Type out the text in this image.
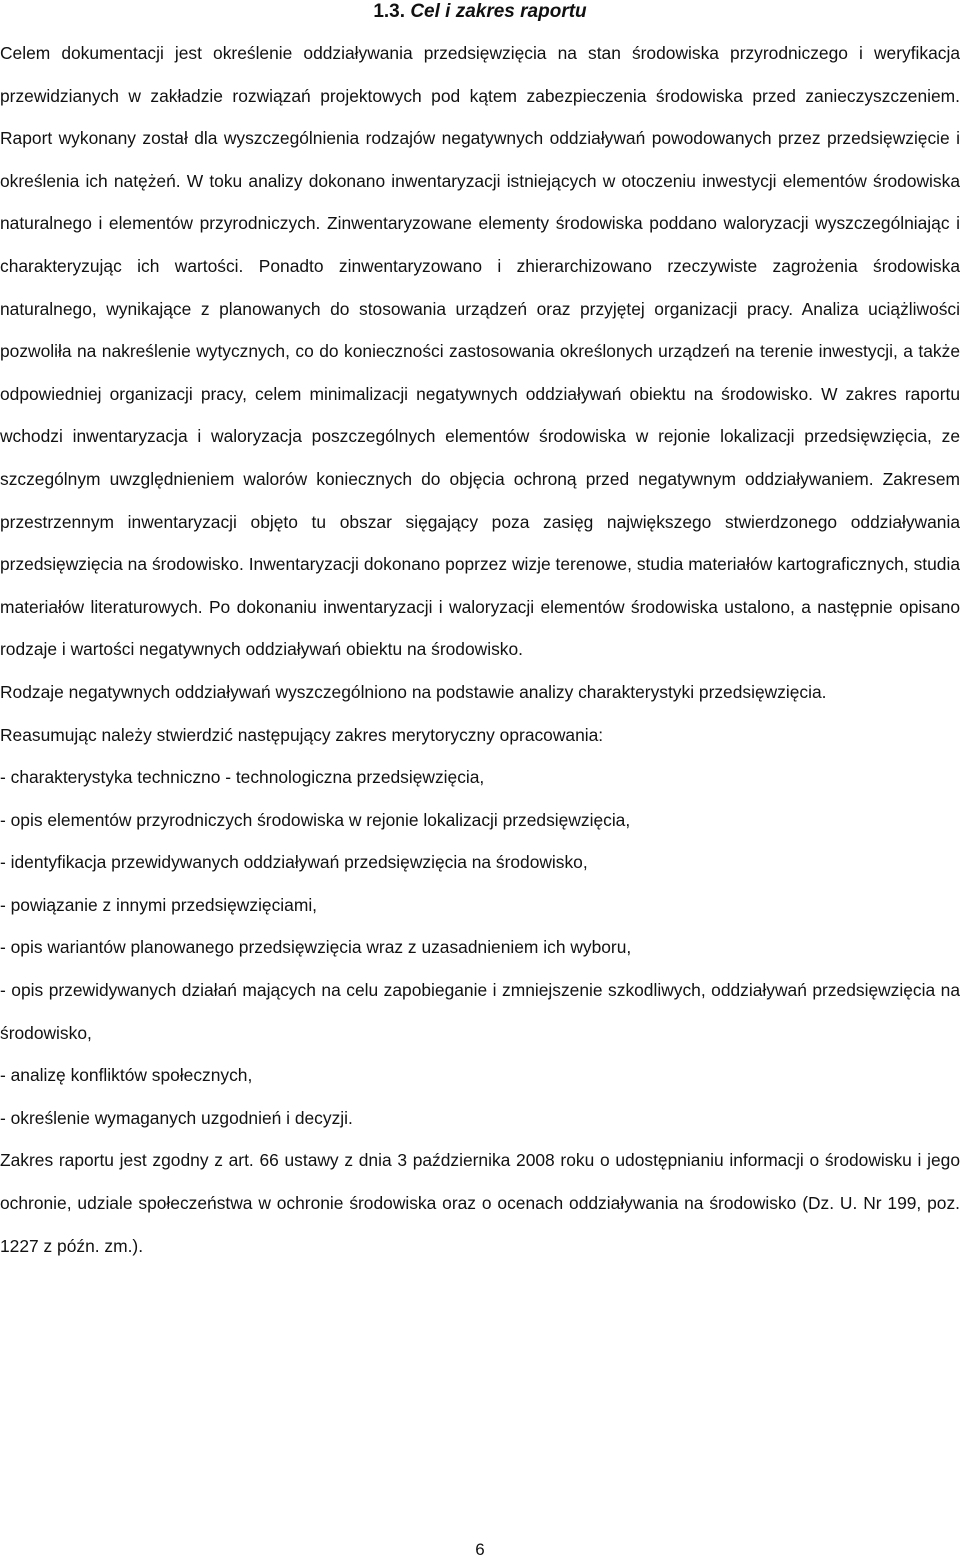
1.3. Cel i zakres raportu

Celem dokumentacji jest określenie oddziaływania przedsięwzięcia na stan środowiska przyrodniczego i weryfikacja przewidzianych w zakładzie rozwiązań projektowych pod kątem zabezpieczenia środowiska przed zanieczyszczeniem. Raport wykonany został dla wyszczególnienia rodzajów negatywnych oddziaływań powodowanych przez przedsięwzięcie i określenia ich natężeń. W toku analizy dokonano inwentaryzacji istniejących w otoczeniu inwestycji elementów środowiska naturalnego i elementów przyrodniczych. Zinwentaryzowane elementy środowiska poddano waloryzacji wyszczególniając i charakteryzując ich wartości. Ponadto zinwentaryzowano i zhierarchizowano rzeczywiste zagrożenia środowiska naturalnego, wynikające z planowanych do stosowania urządzeń oraz przyjętej organizacji pracy. Analiza uciążliwości pozwoliła na nakreślenie wytycznych, co do konieczności zastosowania określonych urządzeń na terenie inwestycji, a także odpowiedniej organizacji pracy, celem minimalizacji negatywnych oddziaływań obiektu na środowisko. W zakres raportu wchodzi inwentaryzacja i waloryzacja poszczególnych elementów środowiska w rejonie lokalizacji przedsięwzięcia, ze szczególnym uwzględnieniem walorów koniecznych do objęcia ochroną przed negatywnym oddziaływaniem. Zakresem przestrzennym inwentaryzacji objęto tu obszar sięgający poza zasięg największego stwierdzonego oddziaływania przedsięwzięcia na środowisko. Inwentaryzacji dokonano poprzez wizje terenowe, studia materiałów kartograficznych, studia materiałów literaturowych. Po dokonaniu inwentaryzacji i waloryzacji elementów środowiska ustalono, a następnie opisano rodzaje i wartości negatywnych oddziaływań obiektu na środowisko.

Rodzaje negatywnych oddziaływań wyszczególniono na podstawie analizy charakterystyki przedsięwzięcia.

Reasumując należy stwierdzić następujący zakres merytoryczny opracowania:

- charakterystyka techniczno - technologiczna przedsięwzięcia,

- opis elementów przyrodniczych środowiska w rejonie lokalizacji przedsięwzięcia,

- identyfikacja przewidywanych oddziaływań przedsięwzięcia na środowisko,

- powiązanie z innymi przedsięwzięciami,

- opis wariantów planowanego przedsięwzięcia wraz z uzasadnieniem ich wyboru,

- opis przewidywanych działań mających na celu zapobieganie i zmniejszenie szkodliwych, oddziaływań przedsięwzięcia na środowisko,

- analizę konfliktów społecznych,

- określenie wymaganych uzgodnień i decyzji.

Zakres raportu jest zgodny z art. 66 ustawy z dnia 3 października 2008 roku o udostępnianiu informacji o środowisku i jego ochronie, udziale społeczeństwa w ochronie środowiska oraz o ocenach oddziaływania na środowisko (Dz. U. Nr 199, poz. 1227 z późn. zm.).

6
